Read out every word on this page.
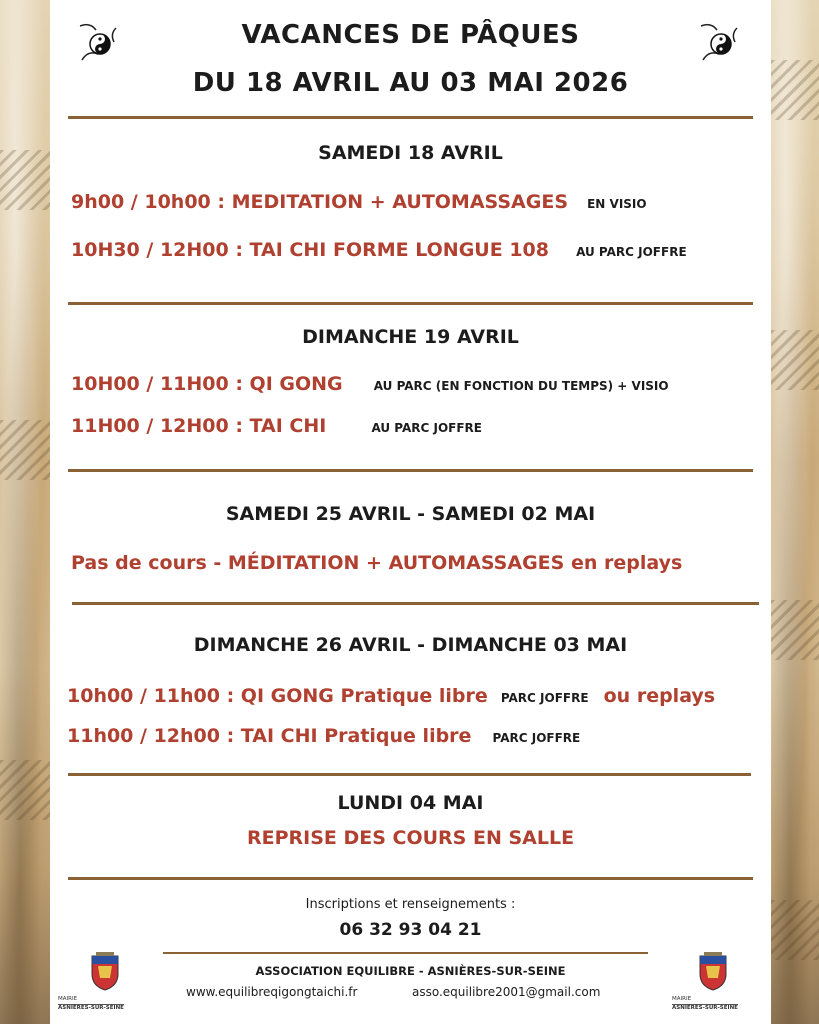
VACANCES DE PÂQUES
DU 18 AVRIL AU 03 MAI 2026
SAMEDI 18 AVRIL
9h00 / 10h00 : MEDITATION + AUTOMASSAGES EN VISIO
10H30 / 12H00 : TAI CHI FORME LONGUE 108 AU PARC JOFFRE
DIMANCHE 19 AVRIL
10H00 / 11H00 : QI GONG	AU PARC (EN FONCTION DU TEMPS) + VISIO
11H00 / 12H00 : TAI CHI	AU PARC JOFFRE
SAMEDI 25 AVRIL - SAMEDI 02 MAI
Pas de cours - MÉDITATION + AUTOMASSAGES en replays
DIMANCHE 26 AVRIL - DIMANCHE 03 MAI
10h00 / 11h00 : QI GONG Pratique libre PARC JOFFRE ou replays
11h00 / 12h00 : TAI CHI Pratique libre PARC JOFFRE
LUNDI 04 MAI
REPRISE DES COURS EN SALLE
Inscriptions et renseignements :
06 32 93 04 21
ASSOCIATION EQUILIBRE - ASNIÈRES-SUR-SEINE
www.equilibreqigongtaichi.fr	asso.equilibre2001@gmail.com
MAIRIE
ASNIÈRES-SUR-SEINE
MAIRIE
ASNIÈRES-SUR-SEINE
